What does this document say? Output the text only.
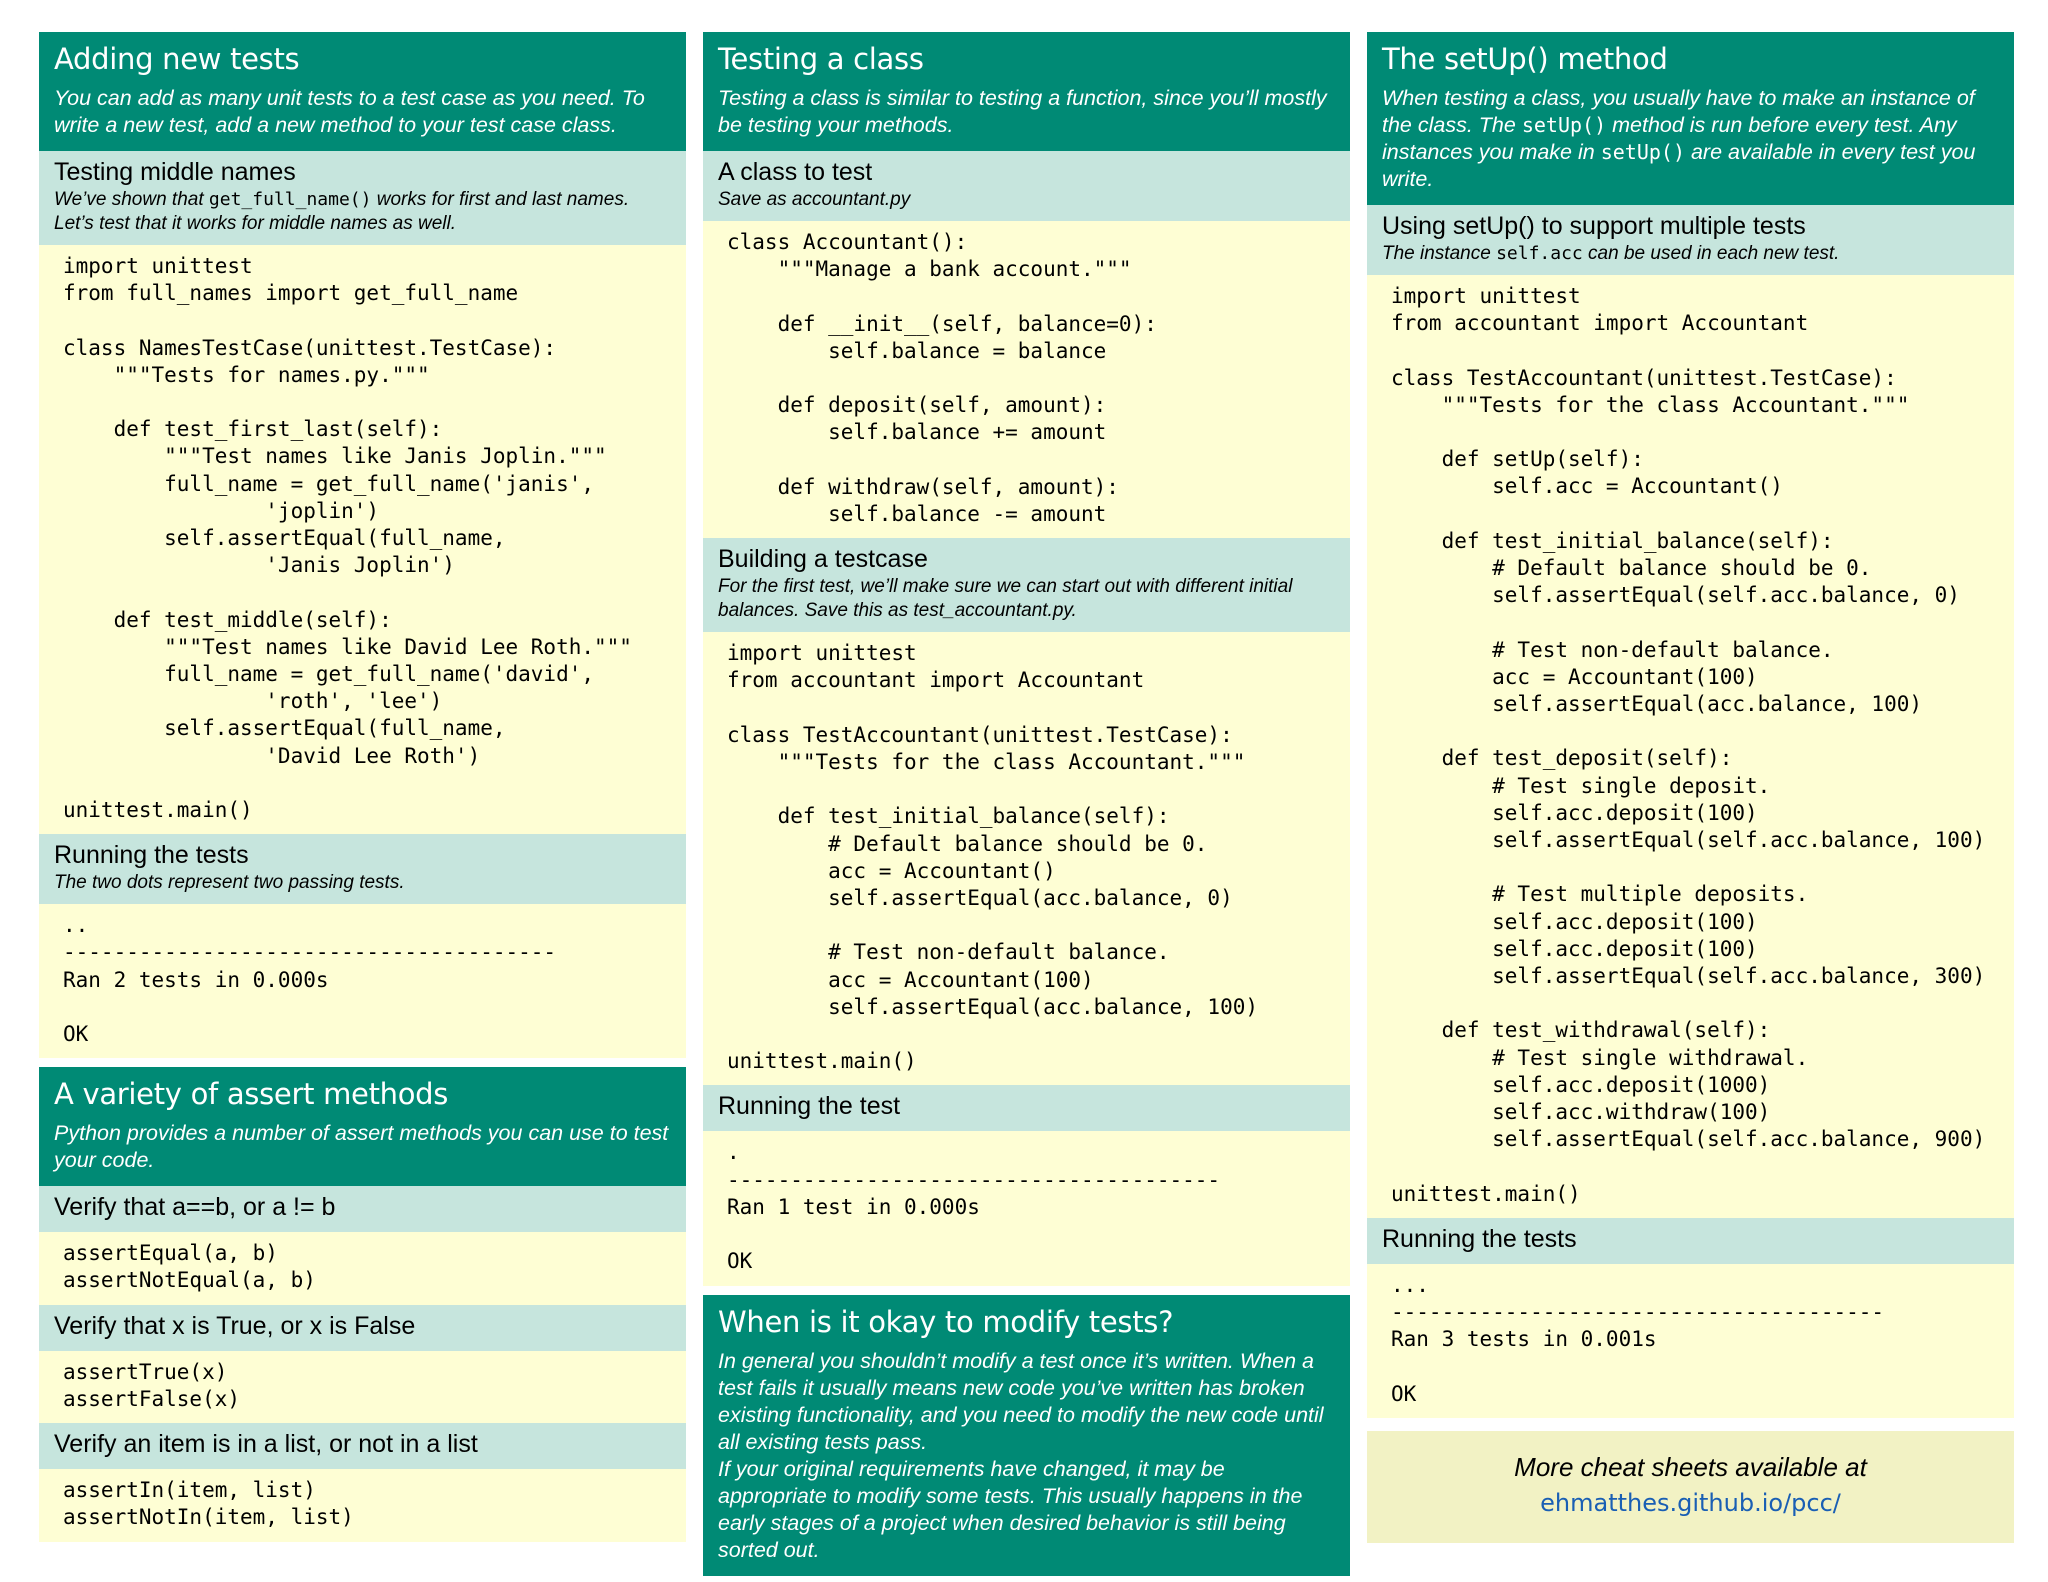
Adding new tests

You can add as many unit tests to a test case as you need. To write a new test, add a new method to your test case class.

Testing middle names

We’ve shown that get_full_name() works for first and last names. Let’s test that it works for middle names as well.

import unittest
from full_names import get_full_name

class NamesTestCase(unittest.TestCase):
"""Tests for names.py."""

def test_first_last(self):
"""Test names like Janis Joplin."""
full_name = get_full_name('janis',
'joplin')
self.assertEqual(full_name,
'Janis Joplin')

def test_middle(self):
"""Test names like David Lee Roth."""
full_name = get_full_name('david',
'roth', 'lee')
self.assertEqual(full_name,
'David Lee Roth')

unittest.main()
Running the tests

The two dots represent two passing tests.

..
---------------------------------------
Ran 2 tests in 0.000s

OK
A variety of assert methods

Python provides a number of assert methods you can use to test your code.

Verify that a==b, or a != b
assertEqual(a, b)
assertNotEqual(a, b)
Verify that x is True, or x is False
assertTrue(x)
assertFalse(x)
Verify an item is in a list, or not in a list
assertIn(item, list)
assertNotIn(item, list)
Testing a class

Testing a class is similar to testing a function, since you’ll mostly be testing your methods.

A class to test

Save as accountant.py

class Accountant():
"""Manage a bank account."""

def __init__(self, balance=0):
self.balance = balance

def deposit(self, amount):
self.balance += amount

def withdraw(self, amount):
self.balance -= amount
Building a testcase

For the first test, we’ll make sure we can start out with different initial balances. Save this as test_accountant.py.

import unittest
from accountant import Accountant

class TestAccountant(unittest.TestCase):
"""Tests for the class Accountant."""

def test_initial_balance(self):
# Default balance should be 0.
acc = Accountant()
self.assertEqual(acc.balance, 0)

# Test non-default balance.
acc = Accountant(100)
self.assertEqual(acc.balance, 100)

unittest.main()
Running the test
.
---------------------------------------
Ran 1 test in 0.000s

OK
When is it okay to modify tests?

In general you shouldn’t modify a test once it’s written. When a test fails it usually means new code you’ve written has broken existing functionality, and you need to modify the new code until all existing tests pass.
If your original requirements have changed, it may be appropriate to modify some tests. This usually happens in the early stages of a project when desired behavior is still being sorted out.

The setUp() method

When testing a class, you usually have to make an instance of the class. The setUp() method is run before every test. Any instances you make in setUp() are available in every test you write.

Using setUp() to support multiple tests

The instance self.acc can be used in each new test.

import unittest
from accountant import Accountant

class TestAccountant(unittest.TestCase):
"""Tests for the class Accountant."""

def setUp(self):
self.acc = Accountant()

def test_initial_balance(self):
# Default balance should be 0.
self.assertEqual(self.acc.balance, 0)

# Test non-default balance.
acc = Accountant(100)
self.assertEqual(acc.balance, 100)

def test_deposit(self):
# Test single deposit.
self.acc.deposit(100)
self.assertEqual(self.acc.balance, 100)

# Test multiple deposits.
self.acc.deposit(100)
self.acc.deposit(100)
self.assertEqual(self.acc.balance, 300)

def test_withdrawal(self):
# Test single withdrawal.
self.acc.deposit(1000)
self.acc.withdraw(100)
self.assertEqual(self.acc.balance, 900)

unittest.main()
Running the tests
...
---------------------------------------
Ran 3 tests in 0.001s

OK
More cheat sheets available at
ehmatthes.github.io/pcc/
